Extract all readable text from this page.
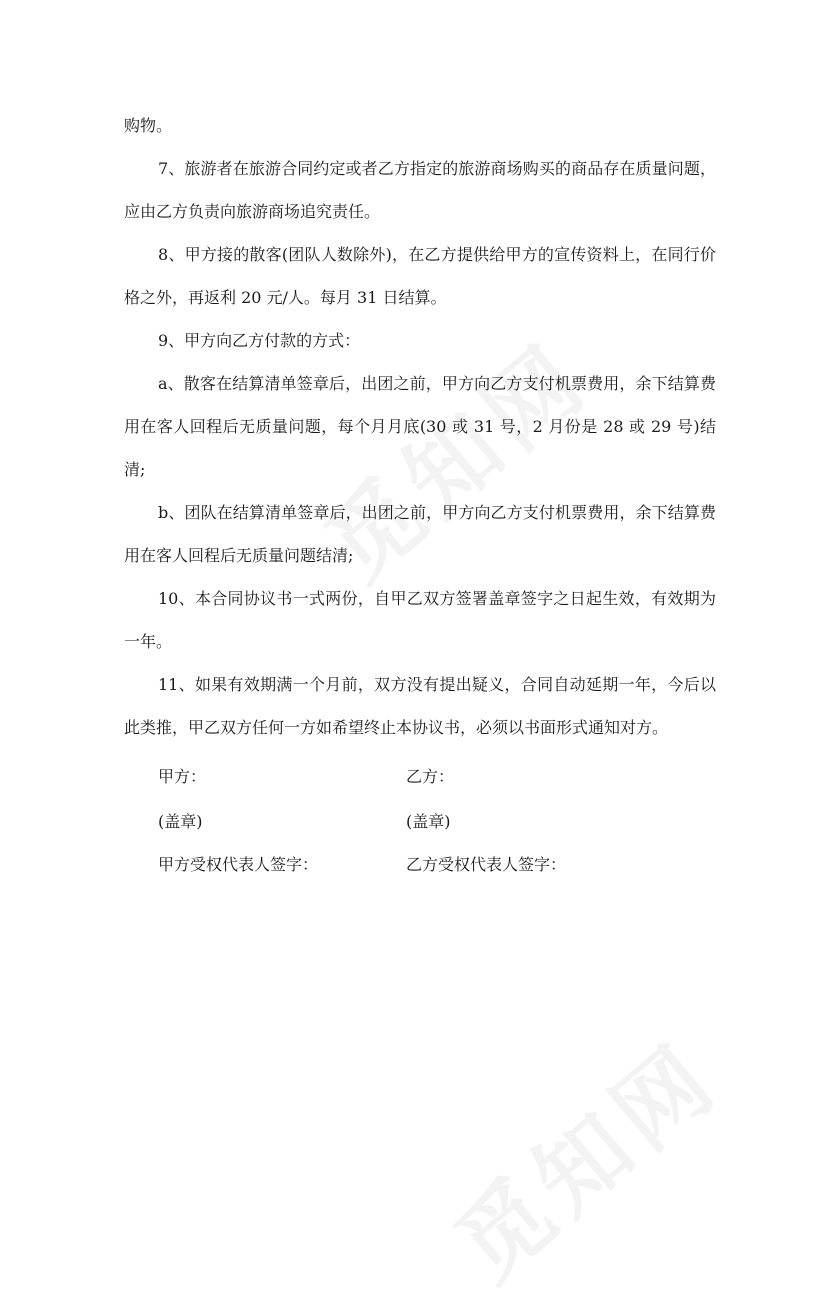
购物。

7、旅游者在旅游合同约定或者乙方指定的旅游商场购买的商品存在质量问题，应由乙方负责向旅游商场追究责任。

8、甲方接的散客(团队人数除外)，在乙方提供给甲方的宣传资料上，在同行价格之外，再返利 20 元/人。每月 31 日结算。

9、甲方向乙方付款的方式：

a、散客在结算清单签章后，出团之前，甲方向乙方支付机票费用，余下结算费用在客人回程后无质量问题，每个月月底(30 或 31 号，2 月份是 28 或 29 号)结清;

b、团队在结算清单签章后，出团之前，甲方向乙方支付机票费用，余下结算费用在客人回程后无质量问题结清;

10、本合同协议书一式两份，自甲乙双方签署盖章签字之日起生效，有效期为一年。

11、如果有效期满一个月前，双方没有提出疑义，合同自动延期一年，今后以此类推，甲乙双方任何一方如希望终止本协议书，必须以书面形式通知对方。

甲方：	乙方：
(盖章)	(盖章)
甲方受权代表人签字：	乙方受权代表人签字：
